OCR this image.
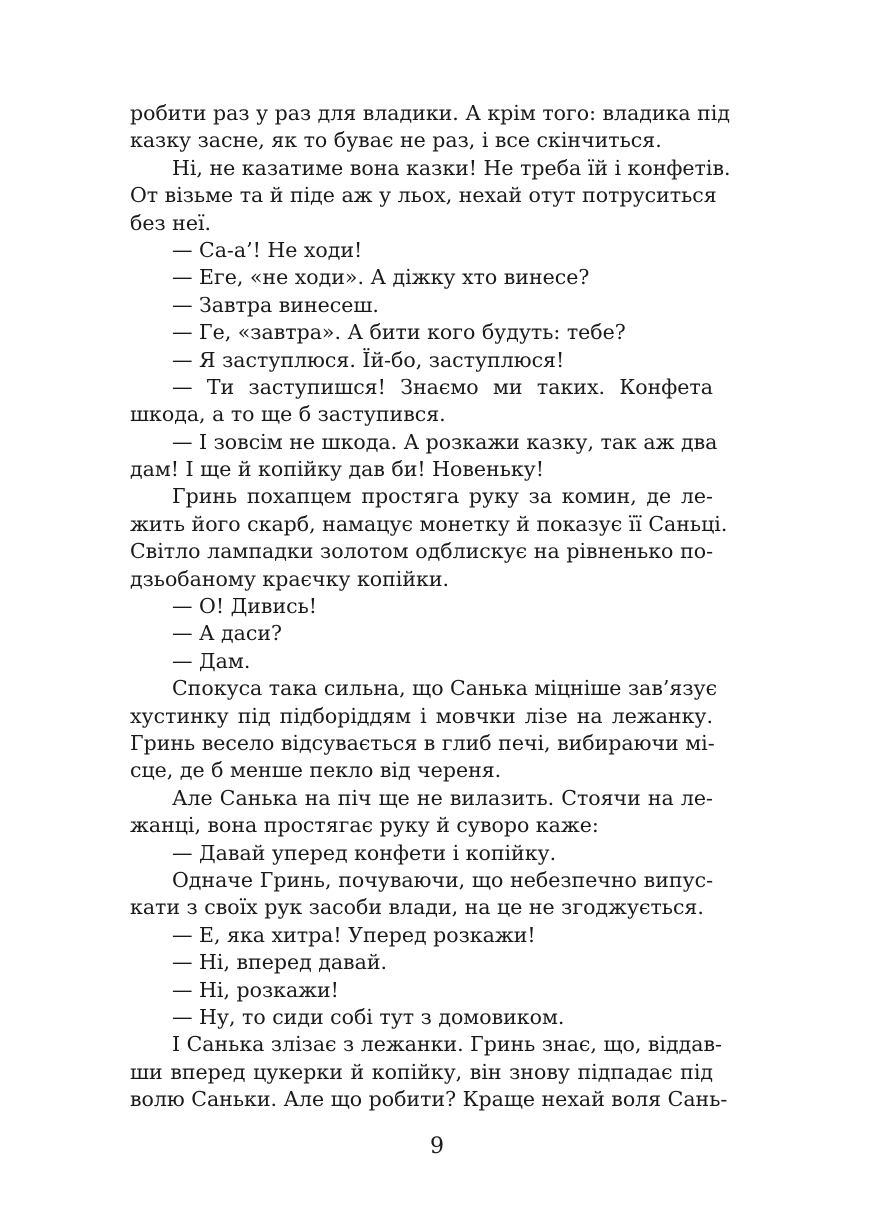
робити раз у раз для владики. А крім того: владика під
казку засне, як то буває не раз, і все скінчиться.
Ні, не казатиме вона казки! Не треба їй і конфетів.
От візьме та й піде аж у льох, нехай отут потруситься
без неї.
— Са-а’! Не ходи!
— Еге, «не ходи». А діжку хто винесе?
— Завтра винесеш.
— Ге, «завтра». А бити кого будуть: тебе?
— Я заступлюся. Їй-бо, заступлюся!
— Ти заступишся! Знаємо ми таких. Конфета
шкода, а то ще б заступився.
— І зовсім не шкода. А розкажи казку, так аж два
дам! І ще й копійку дав би! Новеньку!
Гринь похапцем простяга руку за комин, де ле-
жить його скарб, намацує монетку й показує її Саньці.
Світло лампадки золотом одблискує на рівненько по-
дзьобаному краєчку копійки.
— О! Дивись!
— А даси?
— Дам.
Спокуса така сильна, що Санька міцніше зав’язує
хустинку під підборіддям і мовчки лізе на лежанку.
Гринь весело відсувається в глиб печі, вибираючи мі-
сце, де б менше пекло від череня.
Але Санька на піч ще не вилазить. Стоячи на ле-
жанці, вона простягає руку й суворо каже:
— Давай уперед конфети і копійку.
Одначе Гринь, почуваючи, що небезпечно випус-
кати з своїх рук засоби влади, на це не згоджується.
— Е, яка хитра! Уперед розкажи!
— Ні, вперед давай.
— Ні, розкажи!
— Ну, то сиди собі тут з домовиком.
І Санька злізає з лежанки. Гринь знає, що, віддав-
ши вперед цукерки й копійку, він знову підпадає під
волю Саньки. Але що робити? Краще нехай воля Сань-
9
